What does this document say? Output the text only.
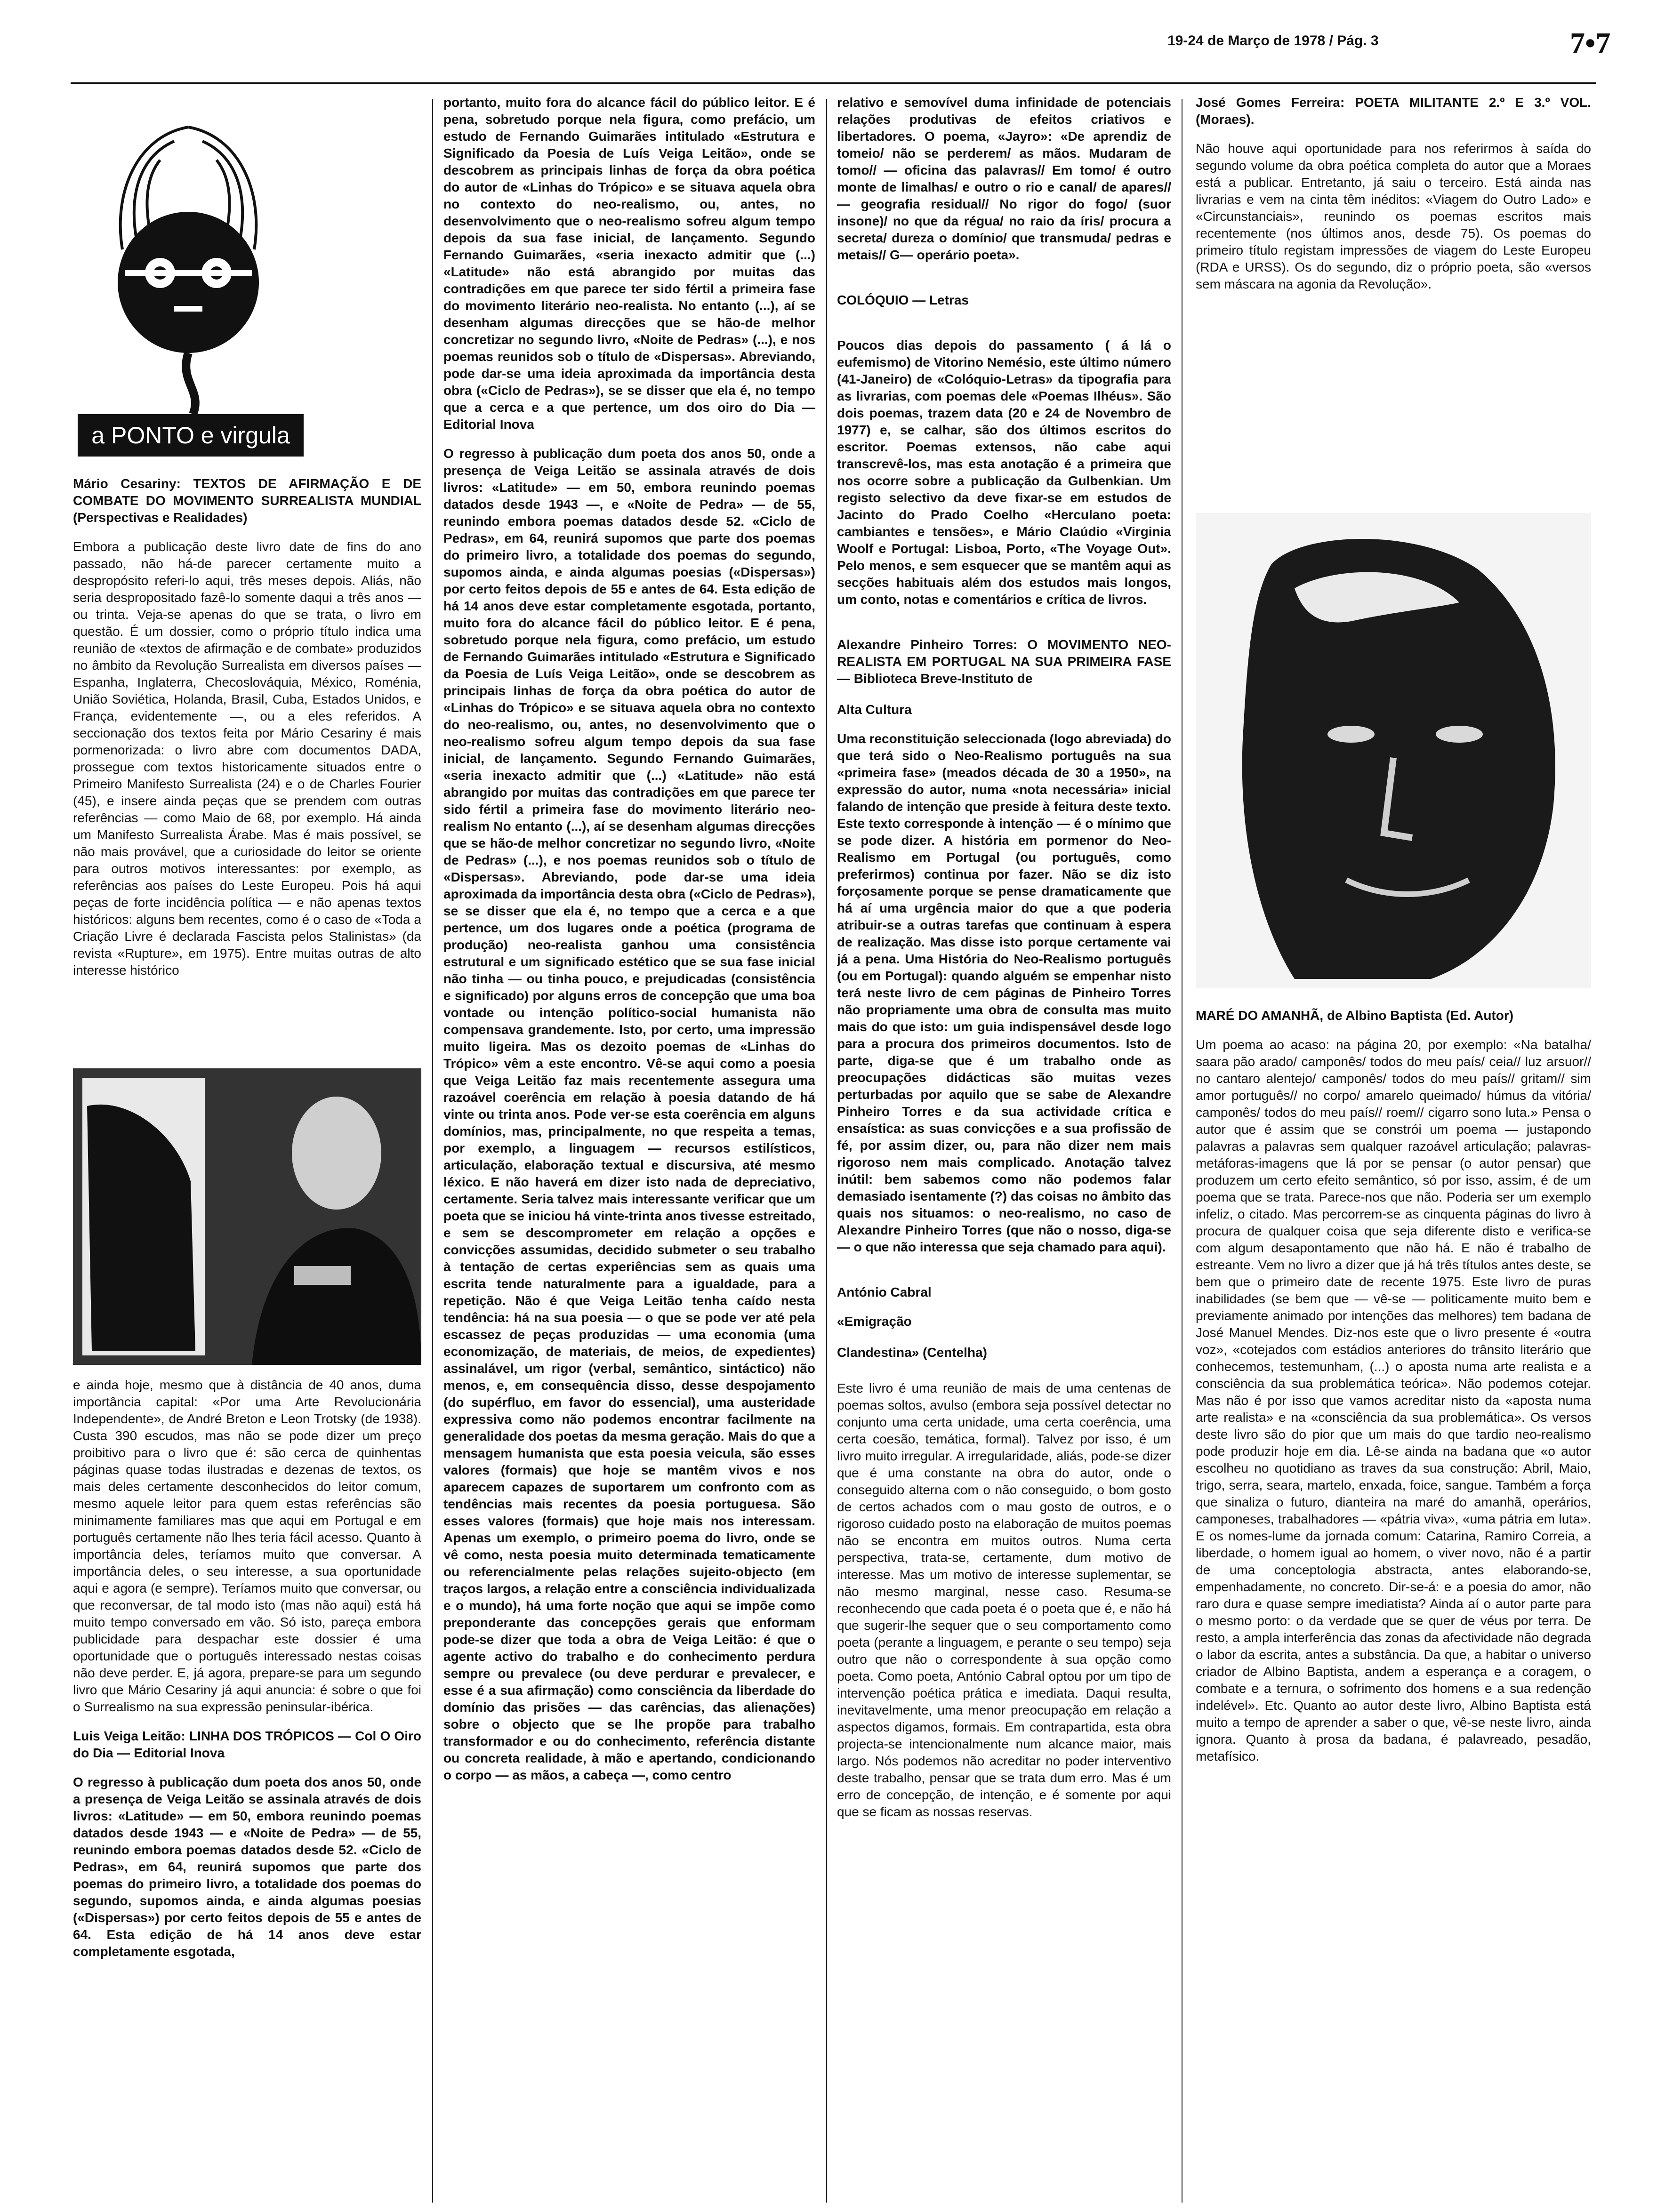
19-24 de Março de 1978 / Pág. 3	7•7
a PONTO e virgula

Mário Cesariny: TEXTOS DE AFIRMAÇÃO E DE COMBATE DO MOVIMENTO SURREALISTA MUNDIAL (Perspectivas e Realidades)

Embora a publicação deste livro date de fins do ano passado, não há-de parecer certamente muito a despropósito referi-lo aqui, três meses depois. Aliás, não seria despropositado fazê-lo somente daqui a três anos — ou trinta. Veja-se apenas do que se trata, o livro em questão. É um dossier, como o próprio título indica uma reunião de «textos de afirmação e de combate» produzidos no âmbito da Revolução Surrealista em diversos países — Espanha, Inglaterra, Checoslováquia, México, Roménia, União Soviética, Holanda, Brasil, Cuba, Estados Unidos, e França, evidentemente —, ou a eles referidos. A seccionação dos textos feita por Mário Cesariny é mais pormenorizada: o livro abre com documentos DADA, prossegue com textos historicamente situados entre o Primeiro Manifesto Surrealista (24) e o de Charles Fourier (45), e insere ainda peças que se prendem com outras referências — como Maio de 68, por exemplo. Há ainda um Manifesto Surrealista Árabe. Mas é mais possível, se não mais provável, que a curiosidade do leitor se oriente para outros motivos interessantes: por exemplo, as referências aos países do Leste Europeu. Pois há aqui peças de forte incidência política — e não apenas textos históricos: alguns bem recentes, como é o caso de «Toda a Criação Livre é declarada Fascista pelos Stalinistas» (da revista «Rupture», em 1975). Entre muitas outras de alto interesse histórico

e ainda hoje, mesmo que à distância de 40 anos, duma importância capital: «Por uma Arte Revolucionária Independente», de André Breton e Leon Trotsky (de 1938). Custa 390 escudos, mas não se pode dizer um preço proibitivo para o livro que é: são cerca de quinhentas páginas quase todas ilustradas e dezenas de textos, os mais deles certamente desconhecidos do leitor comum, mesmo aquele leitor para quem estas referências são minimamente familiares mas que aqui em Portugal e em português certamente não lhes teria fácil acesso. Quanto à importância deles, teríamos muito que conversar. A importância deles, o seu interesse, a sua oportunidade aqui e agora (e sempre). Teríamos muito que conversar, ou que reconversar, de tal modo isto (mas não aqui) está há muito tempo conversado em vão. Só isto, pareça embora publicidade para despachar este dossier é uma oportunidade que o português interessado nestas coisas não deve perder. E, já agora, prepare-se para um segundo livro que Mário Cesariny já aqui anuncia: é sobre o que foi o Surrealismo na sua expressão peninsular-ibérica.

Luis Veiga Leitão: LINHA DOS TRÓPICOS — Col O Oiro do Dia — Editorial Inova

O regresso à publicação dum poeta dos anos 50, onde a presença de Veiga Leitão se assinala através de dois livros: «Latitude» — em 50, embora reunindo poemas datados desde 1943 — e «Noite de Pedra» — de 55, reunindo embora poemas datados desde 52. «Ciclo de Pedras», em 64, reunirá supomos que parte dos poemas do primeiro livro, a totalidade dos poemas do segundo, supomos ainda, e ainda algumas poesias («Dispersas») por certo feitos depois de 55 e antes de 64. Esta edição de há 14 anos deve estar completamente esgotada,

portanto, muito fora do alcance fácil do público leitor. E é pena, sobretudo porque nela figura, como prefácio, um estudo de Fernando Guimarães intitulado «Estrutura e Significado da Poesia de Luís Veiga Leitão», onde se descobrem as principais linhas de força da obra poética do autor de «Linhas do Trópico» e se situava aquela obra no contexto do neo-realismo, ou, antes, no desenvolvimento que o neo-realismo sofreu algum tempo depois da sua fase inicial, de lançamento. Segundo Fernando Guimarães, «seria inexacto admitir que (...) «Latitude» não está abrangido por muitas das contradições em que parece ter sido fértil a primeira fase do movimento literário neo-realista. No entanto (...), aí se desenham algumas direcções que se hão-de melhor concretizar no segundo livro, «Noite de Pedras» (...), e nos poemas reunidos sob o título de «Dispersas». Abreviando, pode dar-se uma ideia aproximada da importância desta obra («Ciclo de Pedras»), se se disser que ela é, no tempo que a cerca e a que pertence, um dos oiro do Dia — Editorial Inova

O regresso à publicação dum poeta dos anos 50, onde a presença de Veiga Leitão se assinala através de dois livros: «Latitude» — em 50, embora reunindo poemas datados desde 1943 —, e «Noite de Pedra» — de 55, reunindo embora poemas datados desde 52. «Ciclo de Pedras», em 64, reunirá supomos que parte dos poemas do primeiro livro, a totalidade dos poemas do segundo, supomos ainda, e ainda algumas poesias («Dispersas») por certo feitos depois de 55 e antes de 64. Esta edição de há 14 anos deve estar completamente esgotada, portanto, muito fora do alcance fácil do público leitor. E é pena, sobretudo porque nela figura, como prefácio, um estudo de Fernando Guimarães intitulado «Estrutura e Significado da Poesia de Luís Veiga Leitão», onde se descobrem as principais linhas de força da obra poética do autor de «Linhas do Trópico» e se situava aquela obra no contexto do neo-realismo, ou, antes, no desenvolvimento que o neo-realismo sofreu algum tempo depois da sua fase inicial, de lançamento. Segundo Fernando Guimarães, «seria inexacto admitir que (...) «Latitude» não está abrangido por muitas das contradições em que parece ter sido fértil a primeira fase do movimento literário neo-realism No entanto (...), aí se desenham algumas direcções que se hão-de melhor concretizar no segundo livro, «Noite de Pedras» (...), e nos poemas reunidos sob o título de «Dispersas». Abreviando, pode dar-se uma ideia aproximada da importância desta obra («Ciclo de Pedras»), se se disser que ela é, no tempo que a cerca e a que pertence, um dos lugares onde a poética (programa de produção) neo-realista ganhou uma consistência estrutural e um significado estético que se sua fase inicial não tinha — ou tinha pouco, e prejudicadas (consistência e significado) por alguns erros de concepção que uma boa vontade ou intenção político-social humanista não compensava grandemente. Isto, por certo, uma impressão muito ligeira. Mas os dezoito poemas de «Linhas do Trópico» vêm a este encontro. Vê-se aqui como a poesia que Veiga Leitão faz mais recentemente assegura uma razoável coerência em relação à poesia datando de há vinte ou trinta anos. Pode ver-se esta coerência em alguns domínios, mas, principalmente, no que respeita a temas, por exemplo, a linguagem — recursos estilísticos, articulação, elaboração textual e discursiva, até mesmo léxico. E não haverá em dizer isto nada de depreciativo, certamente. Seria talvez mais interessante verificar que um poeta que se iniciou há vinte-trinta anos tivesse estreitado, e sem se descomprometer em relação a opções e convicções assumidas, decidido submeter o seu trabalho à tentação de certas experiências sem as quais uma escrita tende naturalmente para a igualdade, para a repetição. Não é que Veiga Leitão tenha caído nesta tendência: há na sua poesia — o que se pode ver até pela escassez de peças produzidas — uma economia (uma economização, de materiais, de meios, de expedientes) assinalável, um rigor (verbal, semântico, sintáctico) não menos, e, em consequência disso, desse despojamento (do supérfluo, em favor do essencial), uma austeridade expressiva como não podemos encontrar facilmente na generalidade dos poetas da mesma geração. Mais do que a mensagem humanista que esta poesia veicula, são esses valores (formais) que hoje se mantêm vivos e nos aparecem capazes de suportarem um confronto com as tendências mais recentes da poesia portuguesa. São esses valores (formais) que hoje mais nos interessam. Apenas um exemplo, o primeiro poema do livro, onde se vê como, nesta poesia muito determinada tematicamente ou referencialmente pelas relações sujeito-objecto (em traços largos, a relação entre a consciência individualizada e o mundo), há uma forte noção que aqui se impõe como preponderante das concepções gerais que enformam pode-se dizer que toda a obra de Veiga Leitão: é que o agente activo do trabalho e do conhecimento perdura sempre ou prevalece (ou deve perdurar e prevalecer, e esse é a sua afirmação) como consciência da liberdade do domínio das prisões — das carências, das alienações) sobre o objecto que se lhe propõe para trabalho transformador e ou do conhecimento, referência distante ou concreta realidade, à mão e apertando, condicionando o corpo — as mãos, a cabeça —, como centro

relativo e semovível duma infinidade de potenciais relações produtivas de efeitos criativos e libertadores. O poema, «Jayro»: «De aprendiz de tomeio/ não se perderem/ as mãos. Mudaram de tomo// — oficina das palavras// Em tomo/ é outro monte de limalhas/ e outro o rio e canal/ de apares// — geografia residual// No rigor do fogo/ (suor insone)/ no que da régua/ no raio da íris/ procura a secreta/ dureza o domínio/ que transmuda/ pedras e metais// G— operário poeta».

COLÓQUIO — Letras

Poucos dias depois do passamento ( á lá o eufemismo) de Vitorino Nemésio, este último número (41-Janeiro) de «Colóquio-Letras» da tipografia para as livrarias, com poemas dele «Poemas Ilhéus». São dois poemas, trazem data (20 e 24 de Novembro de 1977) e, se calhar, são dos últimos escritos do escritor. Poemas extensos, não cabe aqui transcrevê-los, mas esta anotação é a primeira que nos ocorre sobre a publicação da Gulbenkian. Um registo selectivo da deve fixar-se em estudos de Jacinto do Prado Coelho «Herculano poeta: cambiantes e tensões», e Mário Claúdio «Virginia Woolf e Portugal: Lisboa, Porto, «The Voyage Out». Pelo menos, e sem esquecer que se mantêm aqui as secções habituais além dos estudos mais longos, um conto, notas e comentários e crítica de livros.

Alexandre Pinheiro Torres: O MOVIMENTO NEO-REALISTA EM PORTUGAL NA SUA PRIMEIRA FASE — Biblioteca Breve-Instituto de

Alta Cultura

Uma reconstituição seleccionada (logo abreviada) do que terá sido o Neo-Realismo português na sua «primeira fase» (meados década de 30 a 1950», na expressão do autor, numa «nota necessária» inicial falando de intenção que preside à feitura deste texto. Este texto corresponde à intenção — é o mínimo que se pode dizer. A história em pormenor do Neo-Realismo em Portugal (ou português, como preferirmos) continua por fazer. Não se diz isto forçosamente porque se pense dramaticamente que há aí uma urgência maior do que a que poderia atribuir-se a outras tarefas que continuam à espera de realização. Mas disse isto porque certamente vai já a pena. Uma História do Neo-Realismo português (ou em Portugal): quando alguém se empenhar nisto terá neste livro de cem páginas de Pinheiro Torres não propriamente uma obra de consulta mas muito mais do que isto: um guia indispensável desde logo para a procura dos primeiros documentos. Isto de parte, diga-se que é um trabalho onde as preocupações didácticas são muitas vezes perturbadas por aquilo que se sabe de Alexandre Pinheiro Torres e da sua actividade crítica e ensaística: as suas convicções e a sua profissão de fé, por assim dizer, ou, para não dizer nem mais rigoroso nem mais complicado. Anotação talvez inútil: bem sabemos como não podemos falar demasiado isentamente (?) das coisas no âmbito das quais nos situamos: o neo-realismo, no caso de Alexandre Pinheiro Torres (que não o nosso, diga-se — o que não interessa que seja chamado para aqui).

António Cabral

«Emigração

Clandestina» (Centelha)

Este livro é uma reunião de mais de uma centenas de poemas soltos, avulso (embora seja possível detectar no conjunto uma certa unidade, uma certa coerência, uma certa coesão, temática, formal). Talvez por isso, é um livro muito irregular. A irregularidade, aliás, pode-se dizer que é uma constante na obra do autor, onde o conseguido alterna com o não conseguido, o bom gosto de certos achados com o mau gosto de outros, e o rigoroso cuidado posto na elaboração de muitos poemas não se encontra em muitos outros. Numa certa perspectiva, trata-se, certamente, dum motivo de interesse. Mas um motivo de interesse suplementar, se não mesmo marginal, nesse caso. Resuma-se reconhecendo que cada poeta é o poeta que é, e não há que sugerir-lhe sequer que o seu comportamento como poeta (perante a linguagem, e perante o seu tempo) seja outro que não o correspondente à sua opção como poeta. Como poeta, António Cabral optou por um tipo de intervenção poética prática e imediata. Daqui resulta, inevitavelmente, uma menor preocupação em relação a aspectos digamos, formais. Em contrapartida, esta obra projecta-se intencionalmente num alcance maior, mais largo. Nós podemos não acreditar no poder interventivo deste trabalho, pensar que se trata dum erro. Mas é um erro de concepção, de intenção, e é somente por aqui que se ficam as nossas reservas.

José Gomes Ferreira: POETA MILITANTE 2.º E 3.º VOL. (Moraes).

Não houve aqui oportunidade para nos referirmos à saída do segundo volume da obra poética completa do autor que a Moraes está a publicar. Entretanto, já saiu o terceiro. Está ainda nas livrarias e vem na cinta têm inéditos: «Viagem do Outro Lado» e «Circunstanciais», reunindo os poemas escritos mais recentemente (nos últimos anos, desde 75). Os poemas do primeiro título registam impressões de viagem do Leste Europeu (RDA e URSS). Os do segundo, diz o próprio poeta, são «versos sem máscara na agonia da Revolução».

MARÉ DO AMANHÃ, de Albino Baptista (Ed. Autor)

Um poema ao acaso: na página 20, por exemplo: «Na batalha/ saara pão arado/ camponês/ todos do meu país/ ceia// luz arsuor// no cantaro alentejo/ camponês/ todos do meu país// gritam// sim amor português// no corpo/ amarelo queimado/ húmus da vitória/ camponês/ todos do meu país// roem// cigarro sono luta.» Pensa o autor que é assim que se constrói um poema — justapondo palavras a palavras sem qualquer razoável articulação; palavras-metáforas-imagens que lá por se pensar (o autor pensar) que produzem um certo efeito semântico, só por isso, assim, é de um poema que se trata. Parece-nos que não. Poderia ser um exemplo infeliz, o citado. Mas percorrem-se as cinquenta páginas do livro à procura de qualquer coisa que seja diferente disto e verifica-se com algum desapontamento que não há. E não é trabalho de estreante. Vem no livro a dizer que já há três títulos antes deste, se bem que o primeiro date de recente 1975. Este livro de puras inabilidades (se bem que — vê-se — politicamente muito bem e previamente animado por intenções das melhores) tem badana de José Manuel Mendes. Diz-nos este que o livro presente é «outra voz», «cotejados com estádios anteriores do trânsito literário que conhecemos, testemunham, (...) o aposta numa arte realista e a consciência da sua problemática teórica». Não podemos cotejar. Mas não é por isso que vamos acreditar nisto da «aposta numa arte realista» e na «consciência da sua problemática». Os versos deste livro são do pior que um mais do que tardio neo-realismo pode produzir hoje em dia. Lê-se ainda na badana que «o autor escolheu no quotidiano as traves da sua construção: Abril, Maio, trigo, serra, seara, martelo, enxada, foice, sangue. Também a força que sinaliza o futuro, dianteira na maré do amanhã, operários, camponeses, trabalhadores — «pátria viva», «uma pátria em luta». E os nomes-lume da jornada comum: Catarina, Ramiro Correia, a liberdade, o homem igual ao homem, o viver novo, não é a partir de uma conceptologia abstracta, antes elaborando-se, empenhadamente, no concreto. Dir-se-á: e a poesia do amor, não raro dura e quase sempre imediatista? Ainda aí o autor parte para o mesmo porto: o da verdade que se quer de véus por terra. De resto, a ampla interferência das zonas da afectividade não degrada o labor da escrita, antes a substância. Da que, a habitar o universo criador de Albino Baptista, andem a esperança e a coragem, o combate e a ternura, o sofrimento dos homens e a sua redenção indelével». Etc. Quanto ao autor deste livro, Albino Baptista está muito a tempo de aprender a saber o que, vê-se neste livro, ainda ignora. Quanto à prosa da badana, é palavreado, pesadão, metafísico.
